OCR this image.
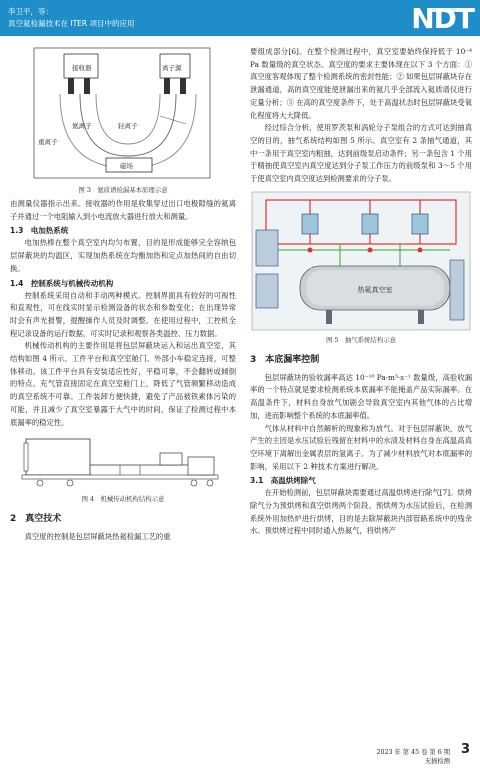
李卫平，等：
真空氦检漏技术在 ITER 项目中的应用	NDT
接收器	离子源
氦离子	轻离子
重离子
磁场
图 3　氦质谱检漏基本原理示意

由测量仪器指示出来。接收器的作用是收集穿过出口电极隙缝的氦离子并通过一个电阻输入到小电流放大器进行放大和测量。

1.3　电加热系统

电加热棒在整个真空室内均匀布置，目的是形成能够完全容纳包层屏蔽块的均温区，实现加热系统在均衡加热和定点加热间的自由切换。

1.4　控制系统与机械传动机构

控制系统采用自动和手动两种模式。控制界面具有较好的可视性和直观性，可在线实时显示检测设备的状态和参数变化；在出现异常时会有声光报警，提醒操作人员及时调整。在使用过程中，工控机全程记录设备的运行数据，可实时记录和观察各类温控、压力数据。

机械传动机构的主要作用是将包层屏蔽块运入和运出真空室，其结构如图 4 所示。工件平台和真空室舱门、外部小车稳定连接，可整体移动。该工件平台具有安装适应性好，平稳可靠，不会翻转或倾倒的特点。充气管直接固定在真空室舱门上，降低了气管频繁移动造成的真空系统不可靠。工件装卸方便快捷，避免了产品被铁素体污染的可能，并且减少了真空室暴露于大气中的时间，保证了检测过程中本底漏率的稳定性。

图 4　机械传动机构结构示意
2　真空技术

真空度的控制是包层屏蔽块热氦检漏工艺的重

要组成部分[6]。在整个检测过程中，真空室要始终保持低于 10⁻⁴ Pa 数量级的真空状态。真空度的要求主要体现在以下 3 个方面：① 真空度客观体现了整个检测系统的密封性能；② 如果包层屏蔽块存在泄漏通道，高的真空度能使泄漏出来的氦几乎全部流入氦质谱仪进行定量分析；③ 在高的真空度条件下，处于高温状态时包层屏蔽块受氧化程度将大大降低。

经过综合分析，使用罗茨泵和涡轮分子泵组合的方式可达到抽真空的目的，抽气系统结构如图 5 所示。真空室有 2 条抽气通道，其中一条用于真空室内粗抽，达到前级泵启动条件；另一条包含 1 个用于精抽使真空室内真空度达到分子泵工作压力的前级泵和 3～5 个用于使真空室内真空度达到检测要求的分子泵。

热氦真空室
图 5　抽气系统结构示意
3　本底漏率控制

包层屏蔽块的验收漏率高达 10⁻¹⁰ Pa·m³·s⁻¹ 数量级，高验收漏率的一个特点就是要求检测系统本底漏率不能掩盖产品实际漏率。在高温条件下，材料自身放气加剧会导致真空室内其他气体的占比增加，进而影响整个系统的本底漏率值。

气体从材料中自然解析的现象称为放气。对于包层屏蔽块，放气产生的主因是水压试验后残留在材料中的水渍及材料自身在高温高真空环境下离解出金属表层的氢离子。为了减少材料放气对本底漏率的影响，采用以下 2 种技术方案进行解决。

3.1　高温烘烤除气

在开始检测前，包层屏蔽块需要通过高温烘烤进行除气[7]。烘烤除气分为预烘烤和真空烘烤两个阶段。预烘烤为水压试验后，在检测系统外用加热炉进行烘烤，目的是去除屏蔽块内部管路系统中的残余水。预烘烤过程中同时通入热氮气，将烘烤产

2023 年 第 45 卷 第 6 期
无损检测
3
